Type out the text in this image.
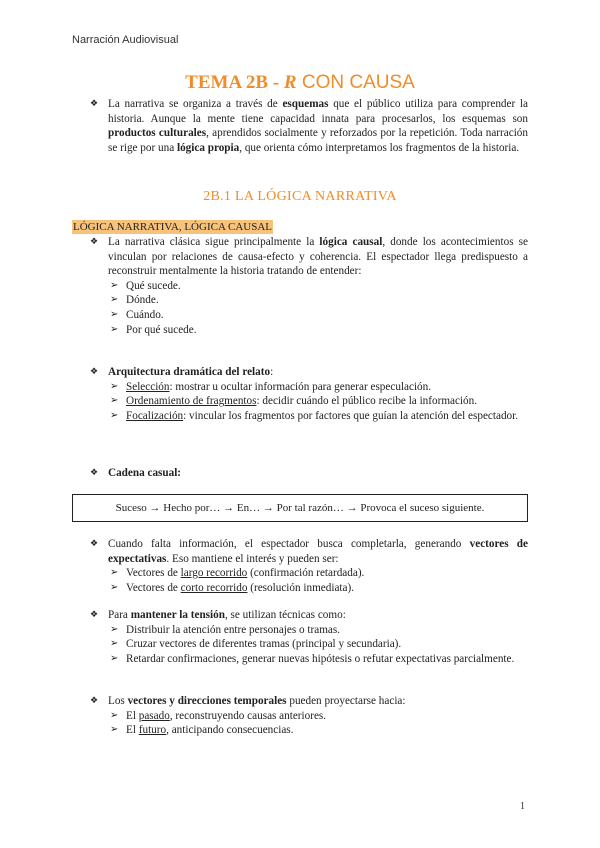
Narración Audiovisual
TEMA 2B - R CON CAUSA
❖ La narrativa se organiza a través de esquemas que el público utiliza para comprender la historia. Aunque la mente tiene capacidad innata para procesarlos, los esquemas son productos culturales, aprendidos socialmente y reforzados por la repetición. Toda narración se rige por una lógica propia, que orienta cómo interpretamos los fragmentos de la historia.
2B.1 LA LÓGICA NARRATIVA
LÓGICA NARRATIVA, LÓGICA CAUSAL
❖ La narrativa clásica sigue principalmente la lógica causal, donde los acontecimientos se vinculan por relaciones de causa-efecto y coherencia. El espectador llega predispuesto a reconstruir mentalmente la historia tratando de entender:
➢ Qué sucede.
➢ Dónde.
➢ Cuándo.
➢ Por qué sucede.
❖ Arquitectura dramática del relato:
➢ Selección: mostrar u ocultar información para generar especulación.
➢ Ordenamiento de fragmentos: decidir cuándo el público recibe la información.
➢ Focalización: vincular los fragmentos por factores que guían la atención del espectador.
❖ Cadena casual:
Suceso → Hecho por… → En… → Por tal razón… → Provoca el suceso siguiente.
❖ Cuando falta información, el espectador busca completarla, generando vectores de expectativas. Eso mantiene el interés y pueden ser:
➢ Vectores de largo recorrido (confirmación retardada).
➢ Vectores de corto recorrido (resolución inmediata).
❖ Para mantener la tensión, se utilizan técnicas como:
➢ Distribuir la atención entre personajes o tramas.
➢ Cruzar vectores de diferentes tramas (principal y secundaria).
➢ Retardar confirmaciones, generar nuevas hipótesis o refutar expectativas parcialmente.
❖ Los vectores y direcciones temporales pueden proyectarse hacia:
➢ El pasado, reconstruyendo causas anteriores.
➢ El futuro, anticipando consecuencias.
1
